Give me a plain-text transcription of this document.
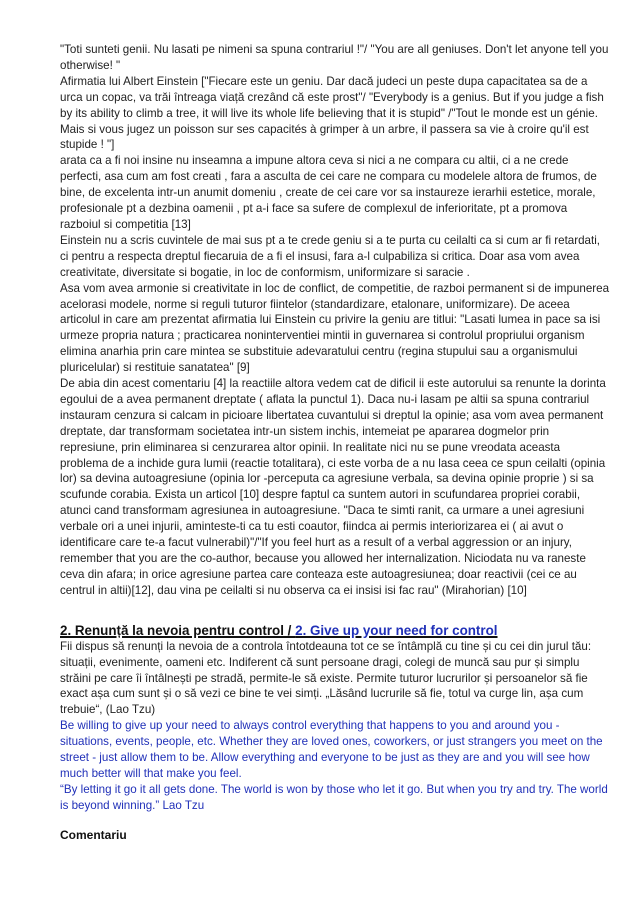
"Toti sunteti genii. Nu lasati pe nimeni sa spuna contrariul !"/ "You are all geniuses. Don't let anyone tell you otherwise! "

Afirmatia lui Albert Einstein ["Fiecare este un geniu. Dar dacă judeci un peste dupa capacitatea sa de a urca un copac, va trăi întreaga viață crezând că este prost"/ "Everybody is a genius. But if you judge a fish by its ability to climb a tree, it will live its whole life believing that it is stupid" /"Tout le monde est un génie. Mais si vous jugez un poisson sur ses capacités à grimper à un arbre, il passera sa vie à croire qu'il est stupide ! "]

arata ca a fi noi insine nu inseamna a impune altora ceva si nici a ne compara cu altii, ci a ne crede perfecti, asa cum am fost creati , fara a asculta de cei care ne compara cu modelele altora de frumos, de bine, de excelenta intr-un anumit domeniu , create de cei care vor sa instaureze ierarhii estetice, morale, profesionale pt a dezbina oamenii , pt a-i face sa sufere de complexul de inferioritate, pt a promova razboiul si competitia [13]

Einstein nu a scris cuvintele de mai sus pt a te crede geniu si a te purta cu ceilalti ca si cum ar fi retardati, ci pentru a respecta dreptul fiecaruia de a fi el insusi, fara a-l culpabiliza si critica. Doar asa vom avea creativitate, diversitate si bogatie, in loc de conformism, uniformizare si saracie .

Asa vom avea armonie si creativitate in loc de conflict, de competitie, de razboi permanent si de impunerea acelorasi modele, norme si reguli tuturor fiintelor (standardizare, etalonare, uniformizare). De aceea articolul in care am prezentat afirmatia lui Einstein cu privire la geniu are titlui: "Lasati lumea in pace sa isi urmeze propria natura ; practicarea noninterventiei mintii in guvernarea si controlul propriului organism elimina anarhia prin care mintea se substituie adevaratului centru (regina stupului sau a organismului pluricelular) si restituie sanatatea" [9]

De abia din acest comentariu [4] la reactiile altora vedem cat de dificil ii este autorului sa renunte la dorinta egoului de a avea permanent dreptate ( aflata la punctul 1). Daca nu-i lasam pe altii sa spuna contrariul instauram cenzura si calcam in picioare libertatea cuvantului si dreptul la opinie; asa vom avea permanent dreptate, dar transformam societatea intr-un sistem inchis, intemeiat pe apararea dogmelor prin represiune, prin eliminarea si cenzurarea altor opinii. In realitate nici nu se pune vreodata aceasta problema de a inchide gura lumii (reactie totalitara), ci este vorba de a nu lasa ceea ce spun ceilalti (opinia lor) sa devina autoagresiune (opinia lor -perceputa ca agresiune verbala, sa devina opinie proprie ) si sa scufunde corabia. Exista un articol [10] despre faptul ca suntem autori in scufundarea propriei corabii, atunci cand transformam agresiunea in autoagresiune. "Daca te simti ranit, ca urmare a unei agresiuni verbale ori a unei injurii, aminteste-ti ca tu esti coautor, fiindca ai permis interiorizarea ei ( ai avut o identificare care te-a facut vulnerabil)"/"If you feel hurt as a result of a verbal aggression or an injury, remember that you are the co-author, because you allowed her internalization. Niciodata nu va raneste ceva din afara; in orice agresiune partea care conteaza este autoagresiunea; doar reactivii (cei ce au centrul in altii)[12], dau vina pe ceilalti si nu observa ca ei insisi isi fac rau" (Mirahorian) [10]

2. Renunță la nevoia pentru control / 2. Give up your need for control

Fii dispus să renunți la nevoia de a controla întotdeauna tot ce se întâmplă cu tine și cu cei din jurul tău: situații, evenimente, oameni etc. Indiferent că sunt persoane dragi, colegi de muncă sau pur și simplu străini pe care îi întâlnești pe stradă, permite-le să existe. Permite tuturor lucrurilor și persoanelor să fie exact așa cum sunt și o să vezi ce bine te vei simți. „Lăsând lucrurile să fie, totul va curge lin, așa cum trebuie“, (Lao Tzu)

Be willing to give up your need to always control everything that happens to you and around you - situations, events, people, etc. Whether they are loved ones, coworkers, or just strangers you meet on the street - just allow them to be. Allow everything and everyone to be just as they are and you will see how much better will that make you feel.

“By letting it go it all gets done. The world is won by those who let it go. But when you try and try. The world is beyond winning.” Lao Tzu

Comentariu
